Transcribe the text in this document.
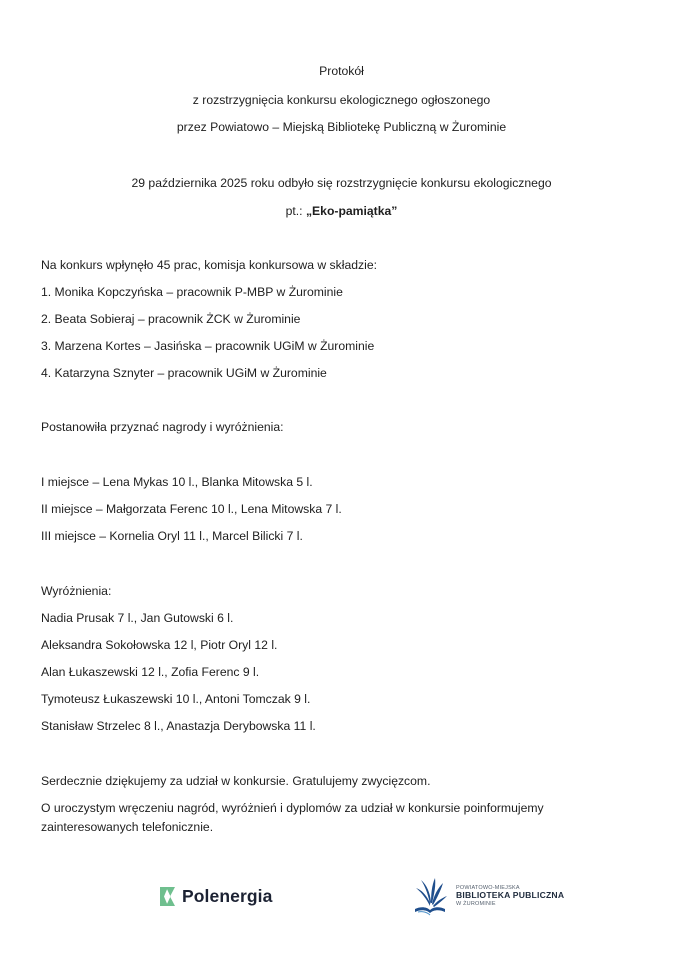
Protokół
z rozstrzygnięcia konkursu ekologicznego ogłoszonego
przez Powiatowo – Miejską Bibliotekę Publiczną w Żurominie
29 października 2025 roku odbyło się rozstrzygnięcie konkursu ekologicznego
pt.: „Eko-pamiątka”
Na konkurs wpłynęło 45 prac, komisja konkursowa w składzie:
1. Monika Kopczyńska – pracownik P-MBP w Żurominie
2. Beata Sobieraj – pracownik ŻCK w Żurominie
3. Marzena Kortes – Jasińska – pracownik UGiM w Żurominie
4. Katarzyna Sznyter – pracownik UGiM w Żurominie
Postanowiła przyznać nagrody i wyróżnienia:
I miejsce – Lena Mykas 10 l., Blanka Mitowska 5 l.
II miejsce – Małgorzata Ferenc 10 l., Lena Mitowska 7 l.
III miejsce – Kornelia Oryl 11 l., Marcel Bilicki 7 l.
Wyróżnienia:
Nadia Prusak 7 l., Jan Gutowski 6 l.
Aleksandra Sokołowska 12 l, Piotr Oryl 12 l.
Alan Łukaszewski 12 l., Zofia Ferenc 9 l.
Tymoteusz Łukaszewski 10 l., Antoni Tomczak 9 l.
Stanisław Strzelec 8 l., Anastazja Derybowska 11 l.
Serdecznie dziękujemy za udział w konkursie. Gratulujemy zwycięzcom.
O uroczystym wręczeniu nagród, wyróżnień i dyplomów za udział w konkursie poinformujemy
zainteresowanych telefonicznie.
Polenergia	POWIATOWO-MIEJSKA
BIBLIOTEKA PUBLICZNA
W ŻUROMINIE
